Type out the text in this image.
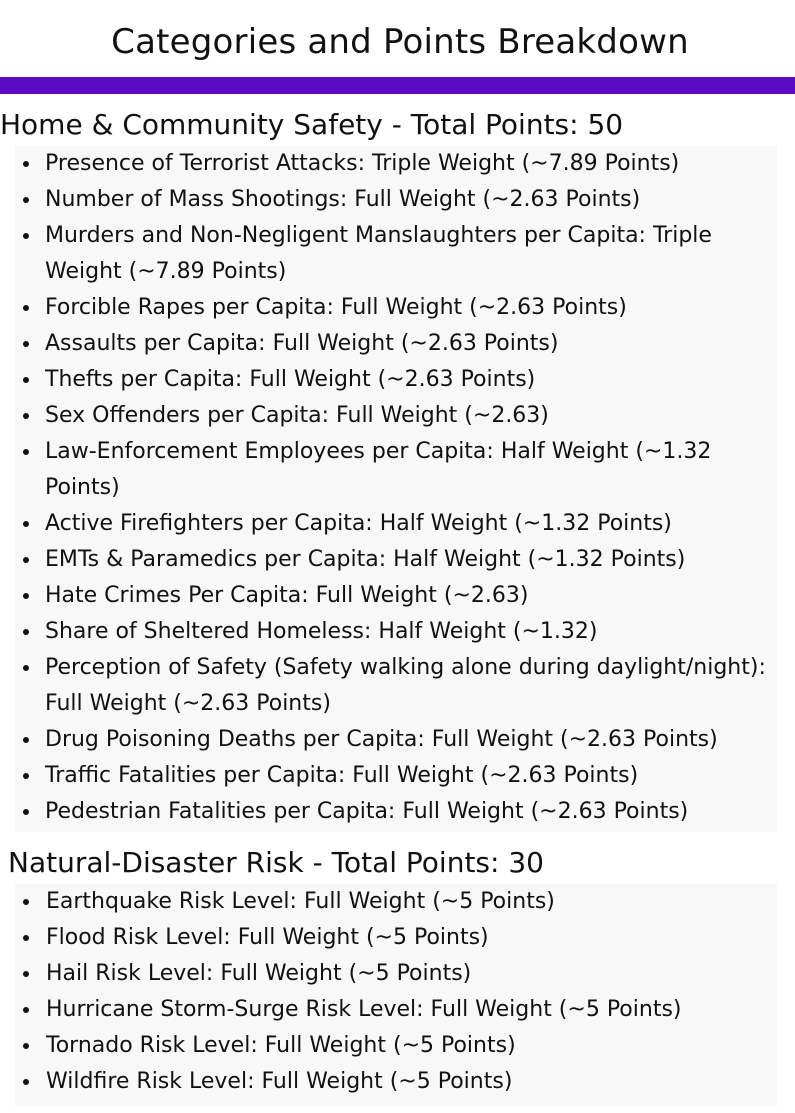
Categories and Points Breakdown
Home & Community Safety - Total Points: 50
Presence of Terrorist Attacks: Triple Weight (~7.89 Points)
Number of Mass Shootings: Full Weight (~2.63 Points)
Murders and Non-Negligent Manslaughters per Capita: Triple Weight (~7.89 Points)
Forcible Rapes per Capita: Full Weight (~2.63 Points)
Assaults per Capita: Full Weight (~2.63 Points)
Thefts per Capita: Full Weight (~2.63 Points)
Sex Offenders per Capita: Full Weight (~2.63)
Law-Enforcement Employees per Capita: Half Weight (~1.32 Points)
Active Firefighters per Capita: Half Weight (~1.32 Points)
EMTs & Paramedics per Capita: Half Weight (~1.32 Points)
Hate Crimes Per Capita: Full Weight (~2.63)
Share of Sheltered Homeless: Half Weight (~1.32)
Perception of Safety (Safety walking alone during daylight/night): Full Weight (~2.63 Points)
Drug Poisoning Deaths per Capita: Full Weight (~2.63 Points)
Traffic Fatalities per Capita: Full Weight (~2.63 Points)
Pedestrian Fatalities per Capita: Full Weight (~2.63 Points)
Natural-Disaster Risk - Total Points: 30
Earthquake Risk Level: Full Weight (~5 Points)
Flood Risk Level: Full Weight (~5 Points)
Hail Risk Level: Full Weight (~5 Points)
Hurricane Storm-Surge Risk Level: Full Weight (~5 Points)
Tornado Risk Level: Full Weight (~5 Points)
Wildfire Risk Level: Full Weight (~5 Points)
